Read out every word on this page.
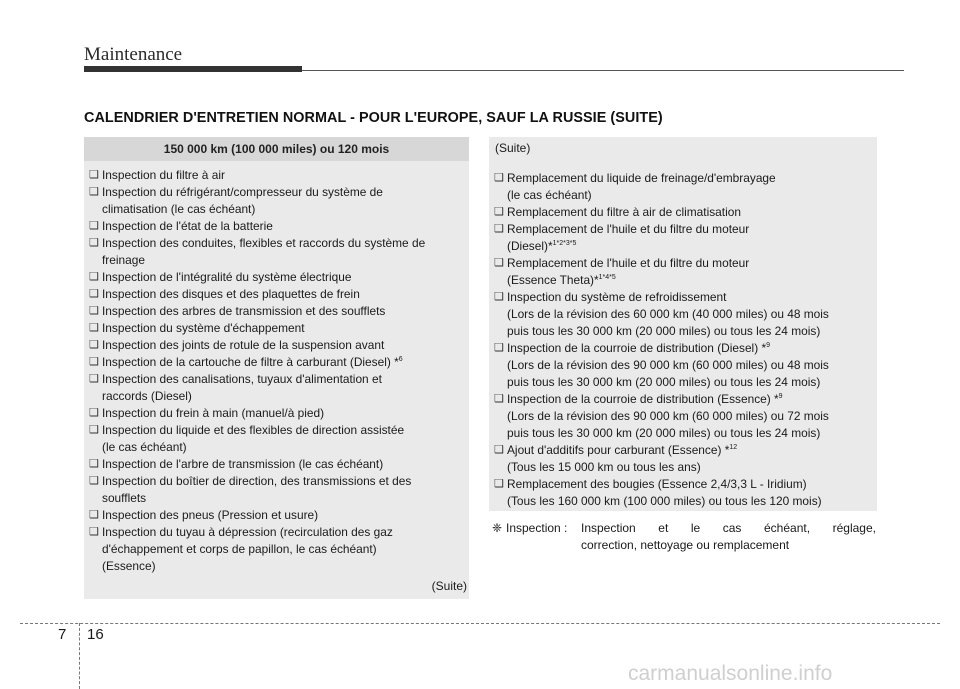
Maintenance
CALENDRIER D'ENTRETIEN NORMAL - POUR L'EUROPE, SAUF LA RUSSIE (SUITE)
150 000 km (100 000 miles) ou 120 mois
❑ Inspection du filtre à air
❑ Inspection du réfrigérant/compresseur du système de
climatisation (le cas échéant)
❑ Inspection de l'état de la batterie
❑ Inspection des conduites, flexibles et raccords du système de
freinage
❑ Inspection de l'intégralité du système électrique
❑ Inspection des disques et des plaquettes de frein
❑ Inspection des arbres de transmission et des soufflets
❑ Inspection du système d'échappement
❑ Inspection des joints de rotule de la suspension avant
❑ Inspection de la cartouche de filtre à carburant (Diesel) *$^6$
❑ Inspection des canalisations, tuyaux d'alimentation et
raccords (Diesel)
❑ Inspection du frein à main (manuel/à pied)
❑ Inspection du liquide et des flexibles de direction assistée
(le cas échéant)
❑ Inspection de l'arbre de transmission (le cas échéant)
❑ Inspection du boîtier de direction, des transmissions et des
soufflets
❑ Inspection des pneus (Pression et usure)
❑ Inspection du tuyau à dépression (recirculation des gaz
d'échappement et corps de papillon, le cas échéant)
(Essence)
(Suite)
(Suite)
❑ Remplacement du liquide de freinage/d'embrayage
(le cas échéant)
❑ Remplacement du filtre à air de climatisation
❑ Remplacement de l'huile et du filtre du moteur
(Diesel)*$^{1*2*3*5}$
❑ Remplacement de l'huile et du filtre du moteur
(Essence Theta)*$^{1*4*5}$
❑ Inspection du système de refroidissement
(Lors de la révision des 60 000 km (40 000 miles) ou 48 mois
puis tous les 30 000 km (20 000 miles) ou tous les 24 mois)
❑ Inspection de la courroie de distribution (Diesel) *$^9$
(Lors de la révision des 90 000 km (60 000 miles) ou 48 mois
puis tous les 30 000 km (20 000 miles) ou tous les 24 mois)
❑ Inspection de la courroie de distribution (Essence) *$^9$
(Lors de la révision des 90 000 km (60 000 miles) ou 72 mois
puis tous les 30 000 km (20 000 miles) ou tous les 24 mois)
❑ Ajout d'additifs pour carburant (Essence) *$^{12}$
(Tous les 15 000 km ou tous les ans)
❑ Remplacement des bougies (Essence 2,4/3,3 L - Iridium)
(Tous les 160 000 km (100 000 miles) ou tous les 120 mois)
❈ Inspection : Inspection et le cas échéant, réglage,
correction, nettoyage ou remplacement
7 16
carmanualsonline.info
